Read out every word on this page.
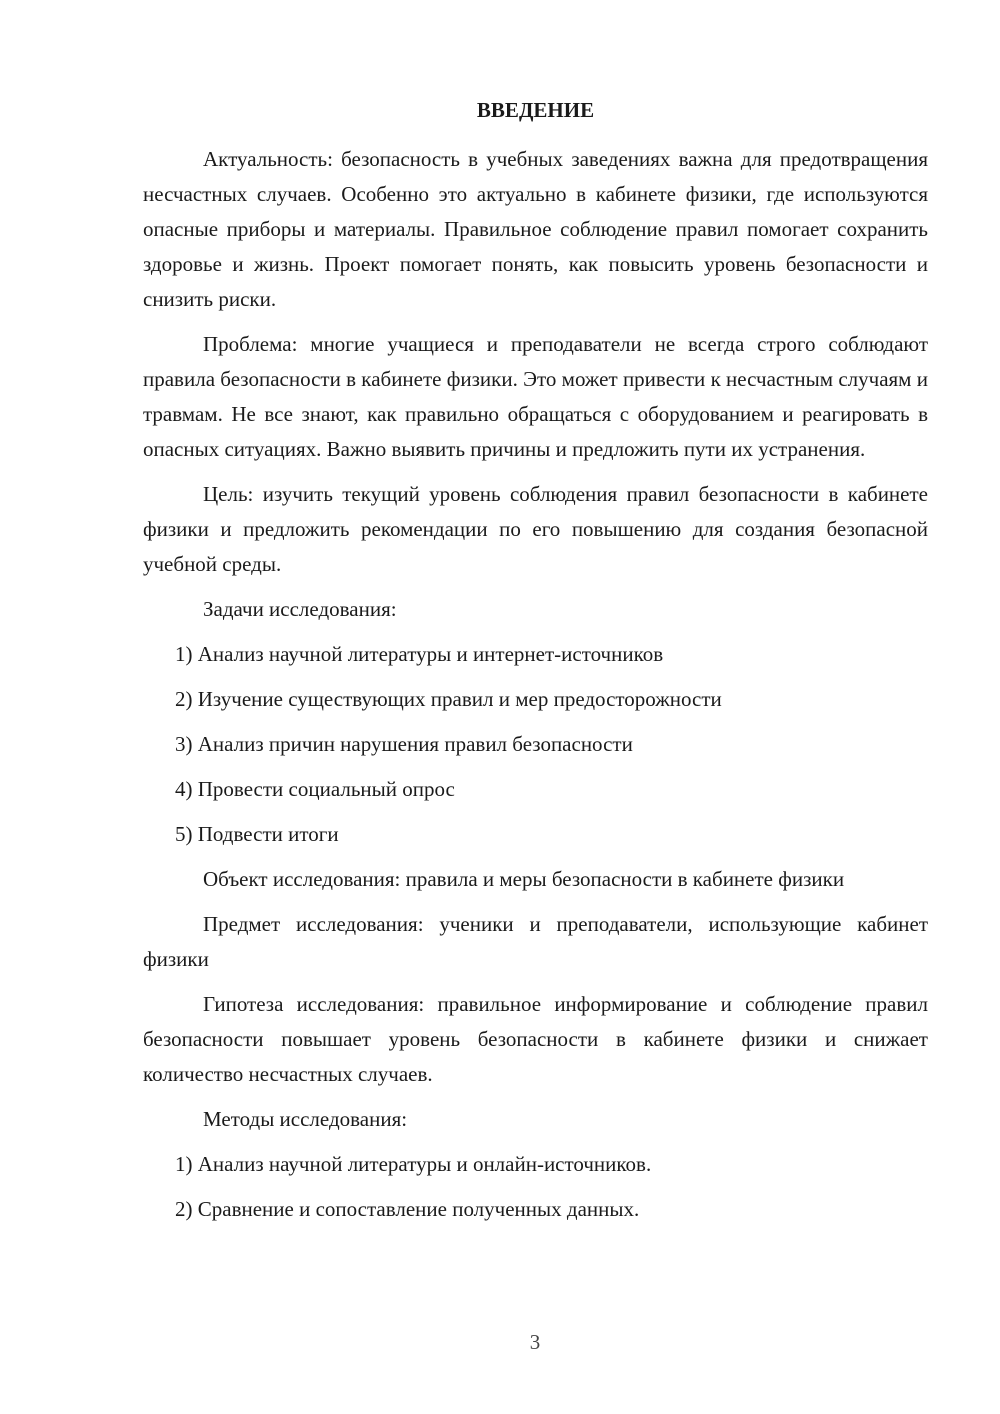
ВВЕДЕНИЕ

Актуальность: безопасность в учебных заведениях важна для предотвращения несчастных случаев. Особенно это актуально в кабинете физики, где используются опасные приборы и материалы. Правильное соблюдение правил помогает сохранить здоровье и жизнь. Проект помогает понять, как повысить уровень безопасности и снизить риски.

Проблема: многие учащиеся и преподаватели не всегда строго соблюдают правила безопасности в кабинете физики. Это может привести к несчастным случаям и травмам. Не все знают, как правильно обращаться с оборудованием и реагировать в опасных ситуациях. Важно выявить причины и предложить пути их устранения.

Цель: изучить текущий уровень соблюдения правил безопасности в кабинете физики и предложить рекомендации по его повышению для создания безопасной учебной среды.

Задачи исследования:
1) Анализ научной литературы и интернет-источников
2) Изучение существующих правил и мер предосторожности
3) Анализ причин нарушения правил безопасности
4) Провести социальный опрос
5) Подвести итоги

Объект исследования: правила и меры безопасности в кабинете физики

Предмет исследования: ученики и преподаватели, использующие кабинет физики

Гипотеза исследования: правильное информирование и соблюдение правил безопасности повышает уровень безопасности в кабинете физики и снижает количество несчастных случаев.

Методы исследования:
1) Анализ научной литературы и онлайн-источников.
2) Сравнение и сопоставление полученных данных.
3
